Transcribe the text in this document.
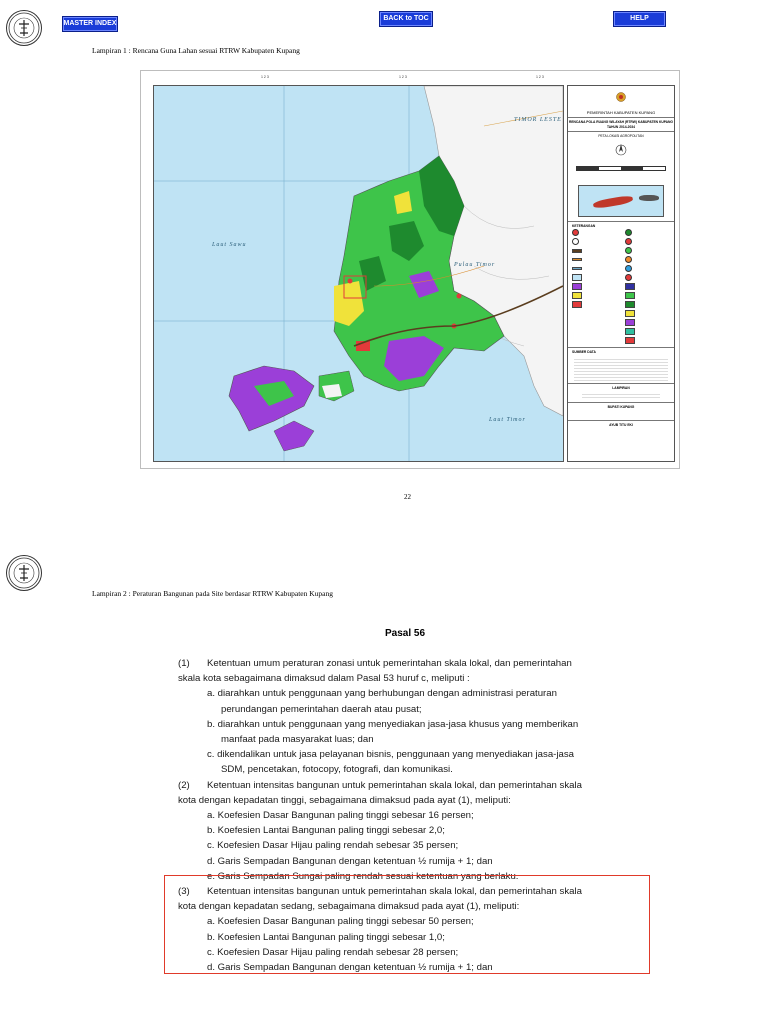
MASTER INDEX
BACK to TOC	HELP
Lampiran 1 : Rencana Guna Lahan sesuai RTRW Kabupaten Kupang
1 2 3	1 2 3	1 2 3
TIMOR LESTE
Laut Sawu
Pulau Timor
Laut Timor
PEMERINTAH KABUPATEN KUPANG
RENCANA POLA RUANG WILAYAH (RTRW) KABUPATEN KUPANG TAHUN 2014-2034
PETA LOKASI AGROPOLITAN
KETERANGAN
SUMBER DATA
LAMPIRAN
BUPATI KUPANG
AYUB TITU EKI
22
Lampiran 2 : Peraturan Bangunan pada Site berdasar RTRW Kabupaten Kupang
Pasal 56
(1) Ketentuan umum peraturan zonasi untuk pemerintahan skala lokal, dan pemerintahan
skala kota sebagaimana dimaksud dalam Pasal 53 huruf c, meliputi :
a. diarahkan untuk penggunaan yang berhubungan dengan administrasi peraturan
perundangan pemerintahan daerah atau pusat;
b. diarahkan untuk penggunaan yang menyediakan jasa-jasa khusus yang memberikan
manfaat pada masyarakat luas; dan
c. dikendalikan untuk jasa pelayanan bisnis, penggunaan yang menyediakan jasa-jasa
SDM, pencetakan, fotocopy, fotografi, dan komunikasi.
(2) Ketentuan intensitas bangunan untuk pemerintahan skala lokal, dan pemerintahan skala
kota dengan kepadatan tinggi, sebagaimana dimaksud pada ayat (1), meliputi:
a. Koefesien Dasar Bangunan paling tinggi sebesar 16 persen;
b. Koefesien Lantai Bangunan paling tinggi sebesar 2,0;
c. Koefesien Dasar Hijau paling rendah sebesar 35 persen;
d. Garis Sempadan Bangunan dengan ketentuan ½ rumija + 1; dan
e. Garis Sempadan Sungai paling rendah sesuai ketentuan yang berlaku.
(3) Ketentuan intensitas bangunan untuk pemerintahan skala lokal, dan pemerintahan skala
kota dengan kepadatan sedang, sebagaimana dimaksud pada ayat (1), meliputi:
a. Koefesien Dasar Bangunan paling tinggi sebesar 50 persen;
b. Koefesien Lantai Bangunan paling tinggi sebesar 1,0;
c. Koefesien Dasar Hijau paling rendah sebesar 28 persen;
d. Garis Sempadan Bangunan dengan ketentuan ½ rumija + 1; dan
